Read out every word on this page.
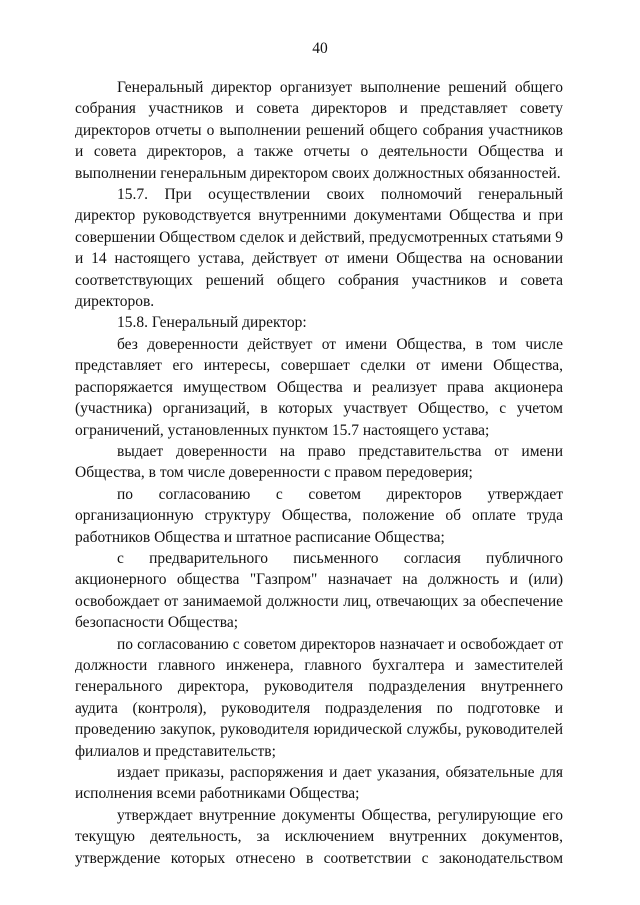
40

Генеральный директор организует выполнение решений общего собрания участников и совета директоров и представляет совету директоров отчеты о выполнении решений общего собрания участников и совета директоров, а также отчеты о деятельности Общества и выполнении генеральным директором своих должностных обязанностей.

15.7. При осуществлении своих полномочий генеральный директор руководствуется внутренними документами Общества и при совершении Обществом сделок и действий, предусмотренных статьями 9 и 14 настоящего устава, действует от имени Общества на основании соответствующих решений общего собрания участников и совета директоров.

15.8. Генеральный директор:

без доверенности действует от имени Общества, в том числе представляет его интересы, совершает сделки от имени Общества, распоряжается имуществом Общества и реализует права акционера (участника) организаций, в которых участвует Общество, с учетом ограничений, установленных пунктом 15.7 настоящего устава;

выдает доверенности на право представительства от имени Общества, в том числе доверенности с правом передоверия;

по согласованию с советом директоров утверждает организационную структуру Общества, положение об оплате труда работников Общества и штатное расписание Общества;

с предварительного письменного согласия публичного акционерного общества "Газпром" назначает на должность и (или) освобождает от занимаемой должности лиц, отвечающих за обеспечение безопасности Общества;

по согласованию с советом директоров назначает и освобождает от должности главного инженера, главного бухгалтера и заместителей генерального директора, руководителя подразделения внутреннего аудита (контроля), руководителя подразделения по подготовке и проведению закупок, руководителя юридической службы, руководителей филиалов и представительств;

издает приказы, распоряжения и дает указания, обязательные для исполнения всеми работниками Общества;

утверждает внутренние документы Общества, регулирующие его текущую деятельность, за исключением внутренних документов, утверждение которых отнесено в соответствии с законодательством
